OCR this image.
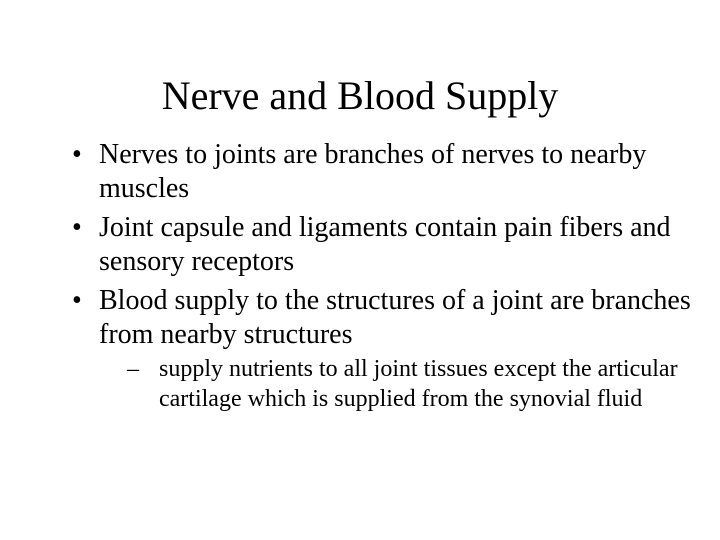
Nerve and Blood Supply
• Nerves to joints are branches of nerves to nearby muscles
• Joint capsule and ligaments contain pain fibers and sensory receptors
• Blood supply to the structures of a joint are branches from nearby structures
– supply nutrients to all joint tissues except the articular cartilage which is supplied from the synovial fluid
